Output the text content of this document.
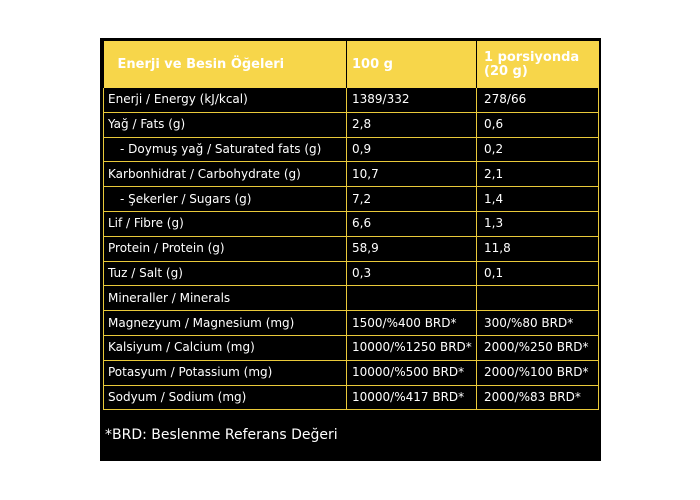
Enerji ve Besin Öğeleri	100 g	1 porsiyonda
(20 g)
Enerji / Energy (kJ/kcal)	1389/332	278/66
Yağ / Fats (g)	2,8	0,6
- Doymuş yağ / Saturated fats (g)	0,9	0,2
Karbonhidrat / Carbohydrate (g)	10,7	2,1
- Şekerler / Sugars (g)	7,2	1,4
Lif / Fibre (g)	6,6	1,3
Protein / Protein (g)	58,9	11,8
Tuz / Salt (g)	0,3	0,1
Mineraller / Minerals		
Magnezyum / Magnesium (mg)	1500/%400 BRD*	300/%80 BRD*
Kalsiyum / Calcium (mg)	10000/%1250 BRD*	2000/%250 BRD*
Potasyum / Potassium (mg)	10000/%500 BRD*	2000/%100 BRD*
Sodyum / Sodium (mg)	10000/%417 BRD*	2000/%83 BRD*
*BRD: Beslenme Referans Değeri
